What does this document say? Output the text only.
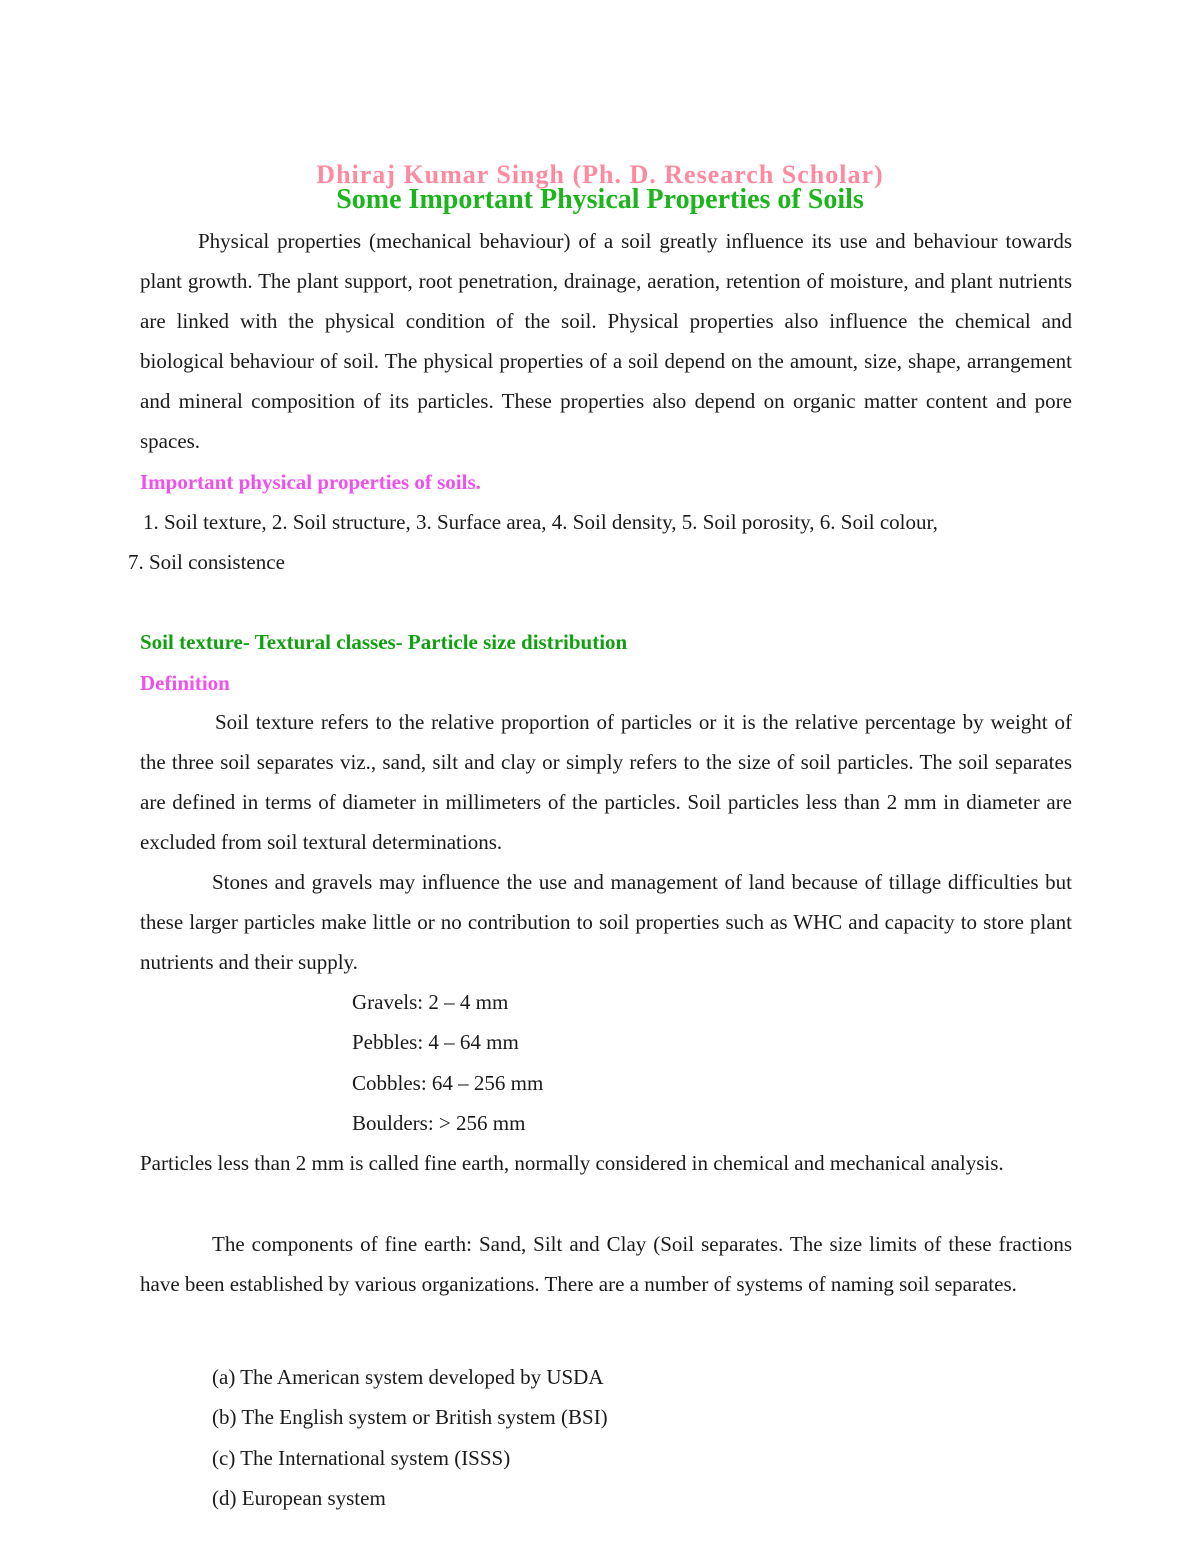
Dhiraj Kumar Singh (Ph. D. Research Scholar)
Some Important Physical Properties of Soils

Physical properties (mechanical behaviour) of a soil greatly influence its use and behaviour towards plant growth. The plant support, root penetration, drainage, aeration, retention of moisture, and plant nutrients are linked with the physical condition of the soil. Physical properties also influence the chemical and biological behaviour of soil. The physical properties of a soil depend on the amount, size, shape, arrangement and mineral composition of its particles. These properties also depend on organic matter content and pore spaces.

Important physical properties of soils.

1. Soil texture, 2. Soil structure, 3. Surface area, 4. Soil density, 5. Soil porosity, 6. Soil colour,

7. Soil consistence

Soil texture- Textural classes- Particle size distribution

Definition

Soil texture refers to the relative proportion of particles or it is the relative percentage by weight of the three soil separates viz., sand, silt and clay or simply refers to the size of soil particles. The soil separates are defined in terms of diameter in millimeters of the particles. Soil particles less than 2 mm in diameter are excluded from soil textural determinations.

Stones and gravels may influence the use and management of land because of tillage difficulties but these larger particles make little or no contribution to soil properties such as WHC and capacity to store plant nutrients and their supply.

Gravels: 2 – 4 mm
Pebbles: 4 – 64 mm
Cobbles: 64 – 256 mm
Boulders: > 256 mm

Particles less than 2 mm is called fine earth, normally considered in chemical and mechanical analysis.

The components of fine earth: Sand, Silt and Clay (Soil separates. The size limits of these fractions have been established by various organizations. There are a number of systems of naming soil separates.

(a) The American system developed by USDA
(b) The English system or British system (BSI)
(c) The International system (ISSS)
(d) European system
